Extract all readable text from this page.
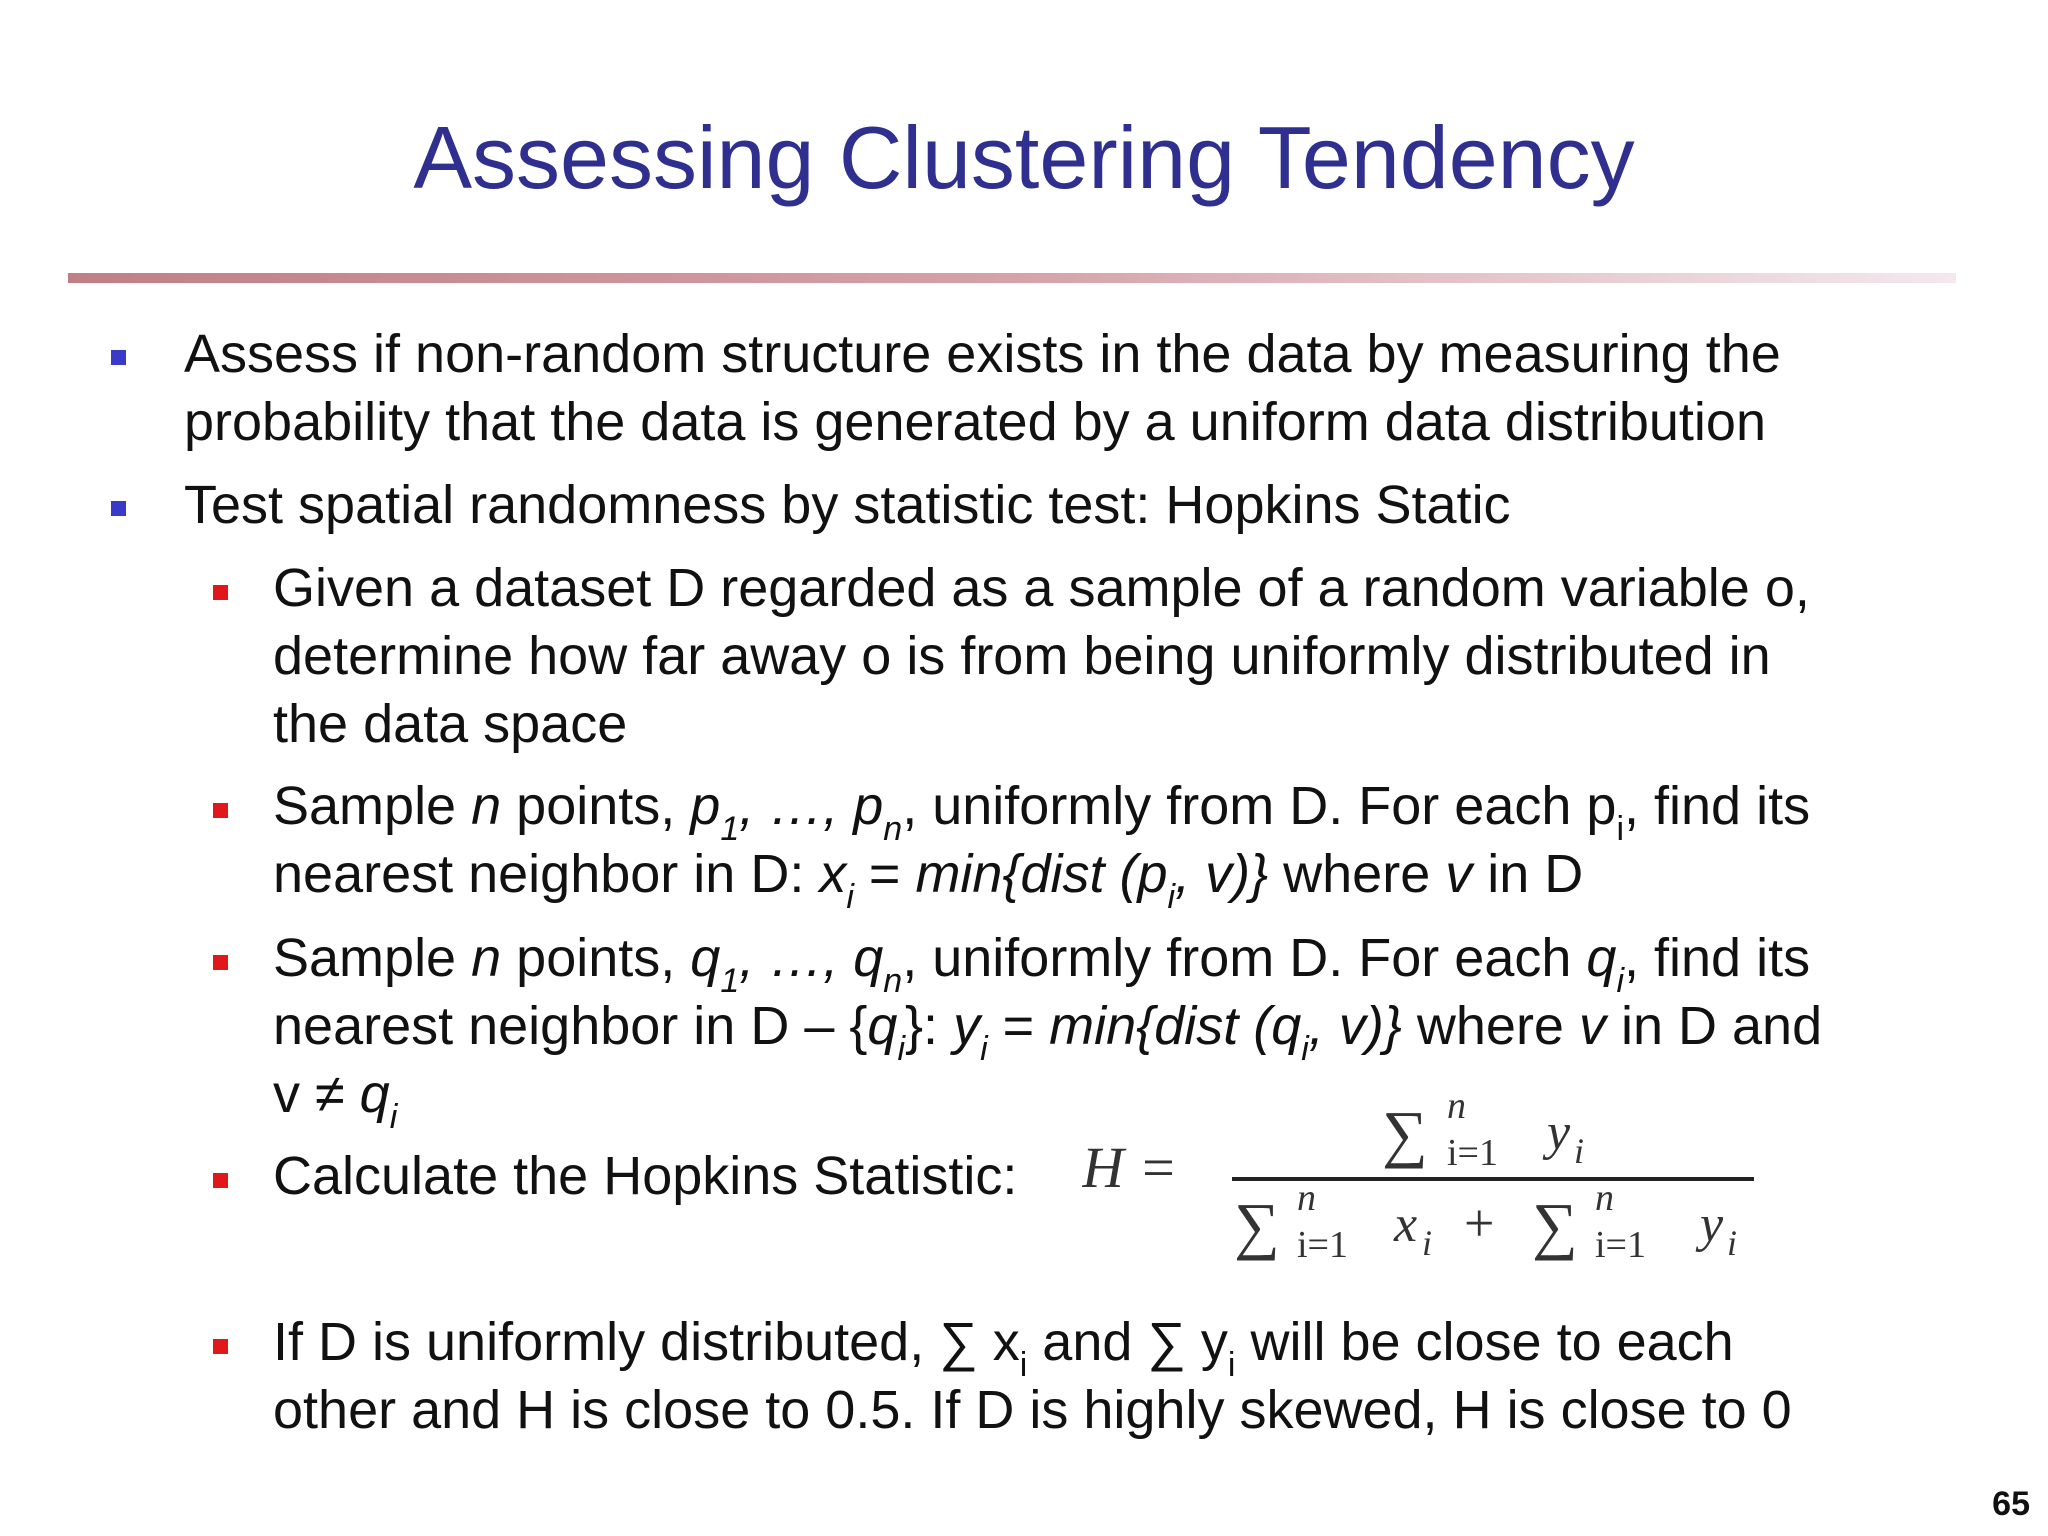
Assessing Clustering Tendency
Assess if non-random structure exists in the data by measuring the
probability that the data is generated by a uniform data distribution
Test spatial randomness by statistic test: Hopkins Static
Given a dataset D regarded as a sample of a random variable o,
determine how far away o is from being uniformly distributed in
the data space
Sample n points, $p_1$, …, $p_n$, uniformly from D. For each $p_i$, find its
nearest neighbor in D: $x_i$ = min{dist ($p_i$, v)} where v in D
Sample n points, $q_1$, …, $q_n$, uniformly from D. For each $q_i$, find its
nearest neighbor in D – $\{q_i\}$: $y_i$ = min{dist ($q_i$, v)} where v in D and
$v \ne q_i$
Calculate the Hopkins Statistic: H =	∑ n
i=1 y i
∑ n
i=1 x i + ∑ n
i=1 y i
If D is uniformly distributed, ∑ $x_i$ and ∑ $y_i$ will be close to each
other and H is close to 0.5. If D is highly skewed, H is close to 0
65
